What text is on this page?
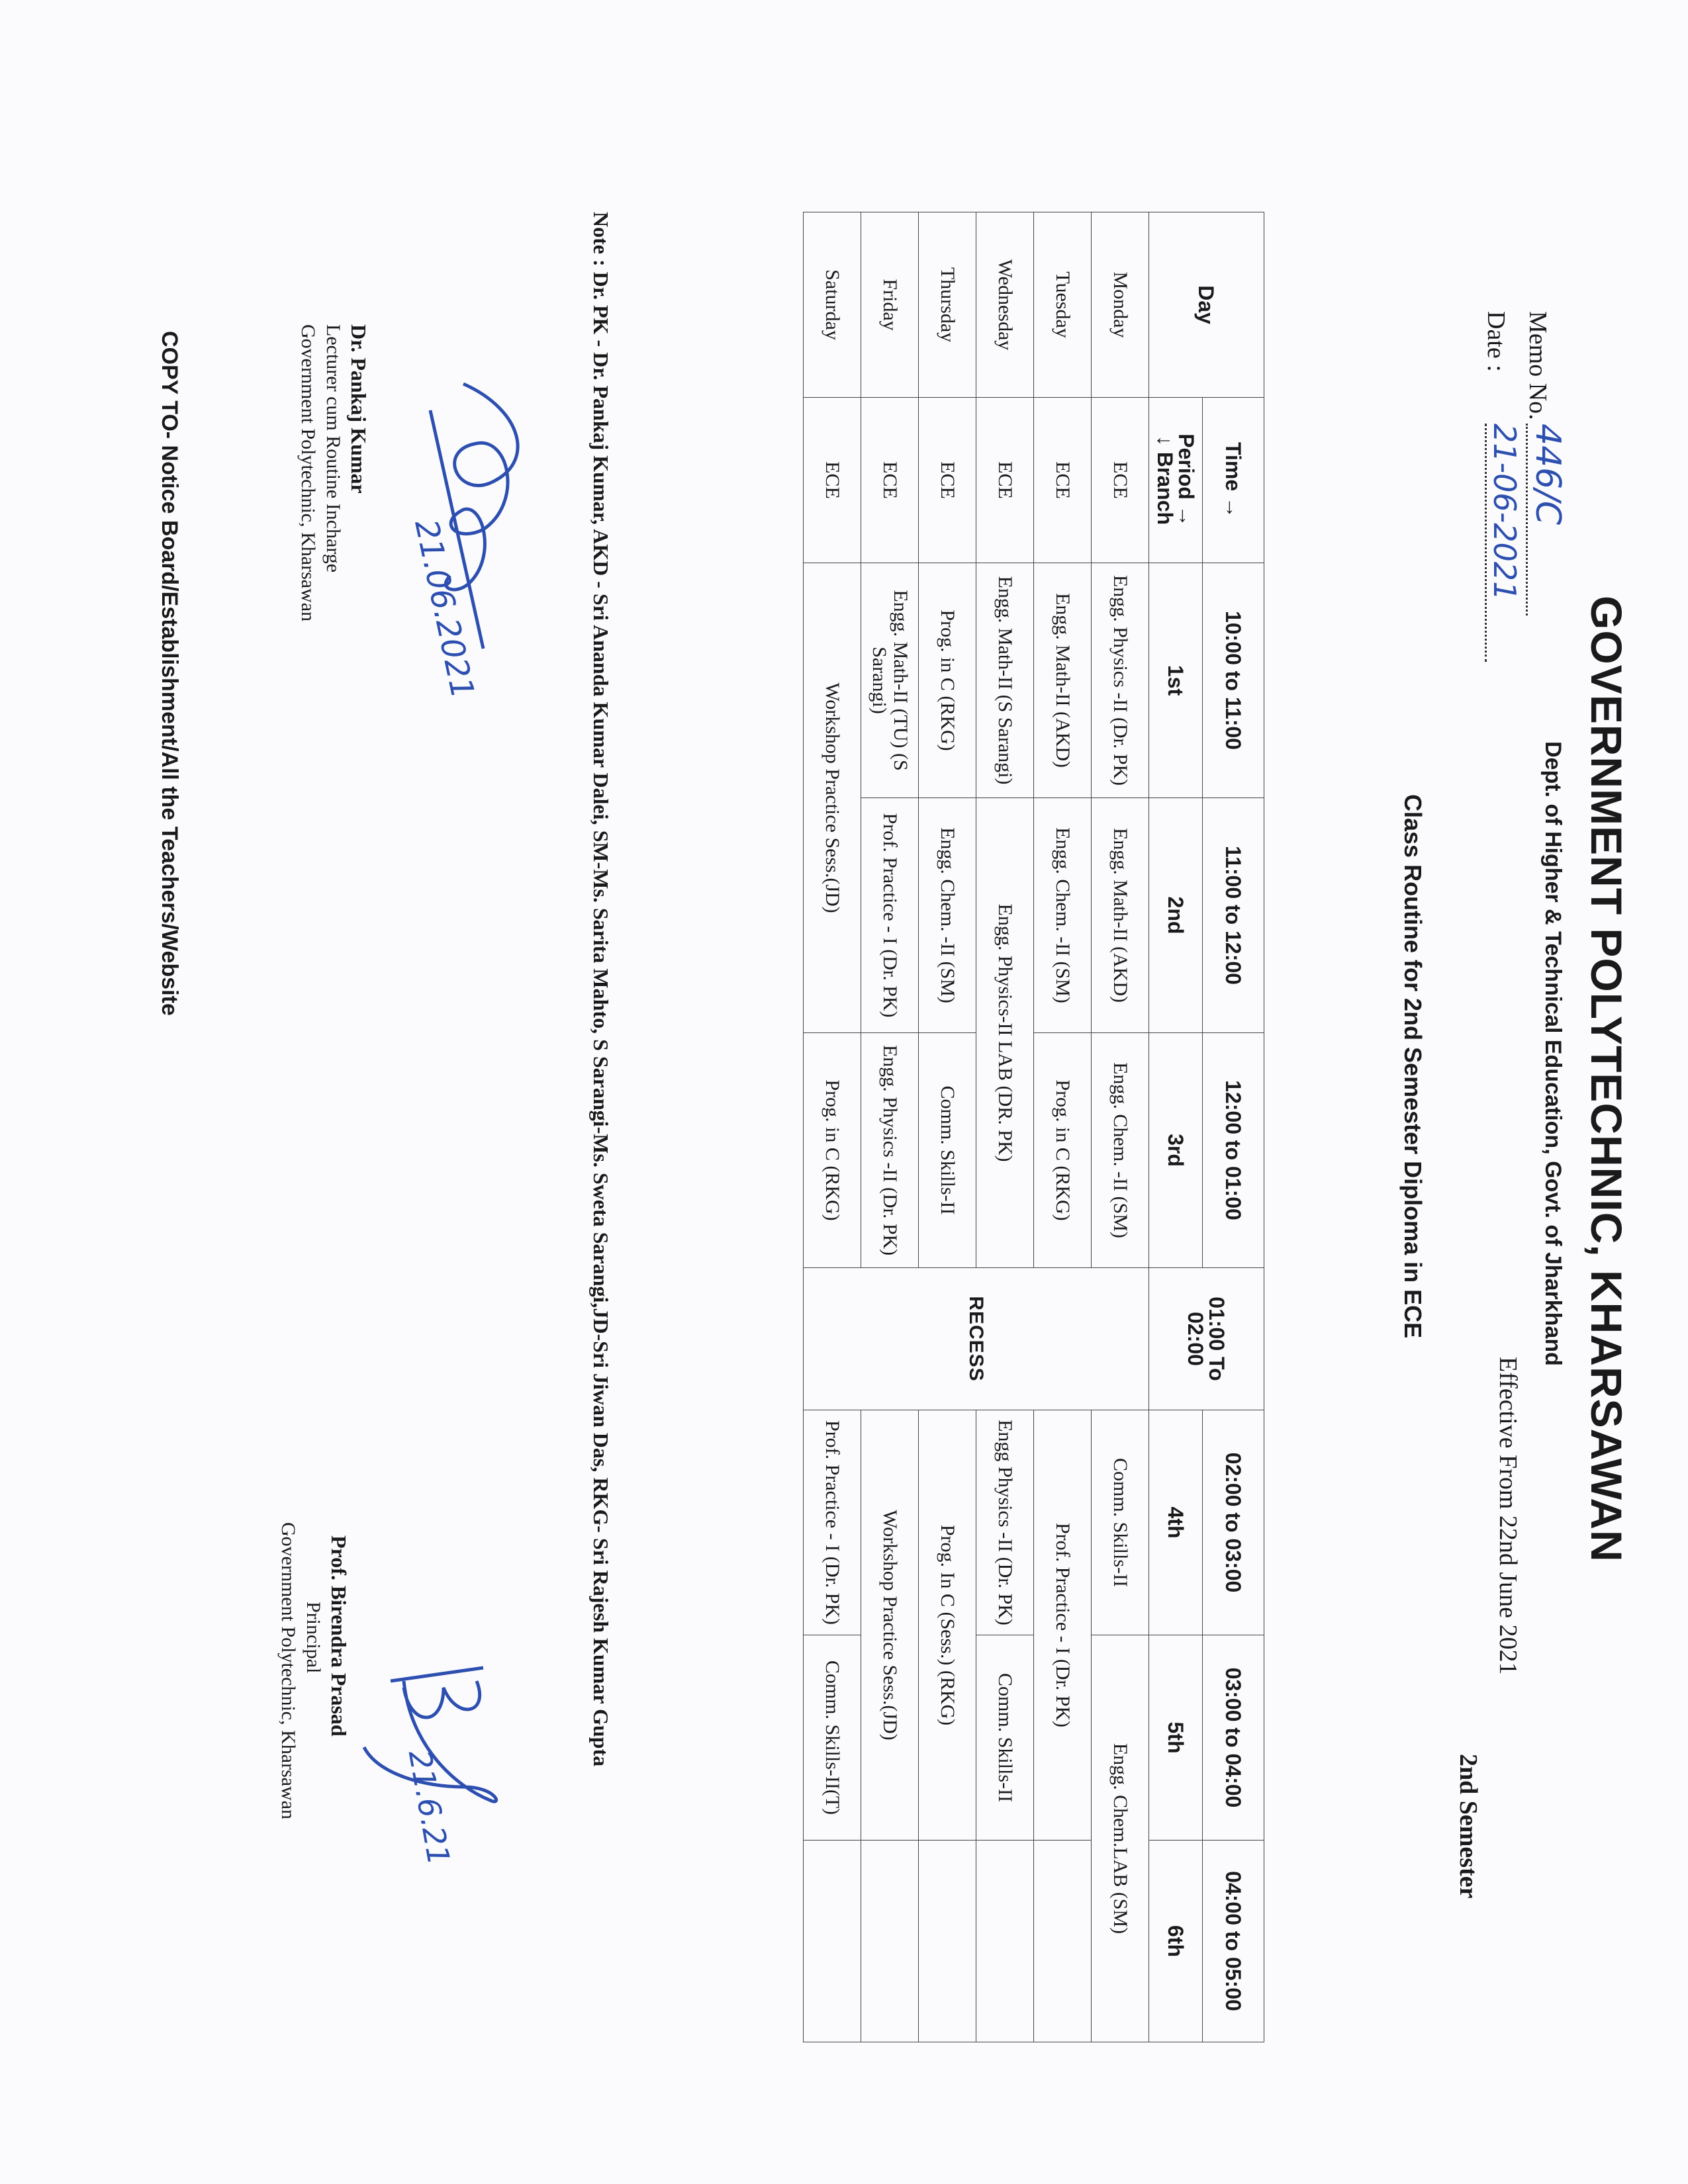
GOVERNMENT POLYTECHNIC, KHARSAWAN
Dept. of Higher & Technical Education, Govt. of Jharkhand
Memo No.
446/C
Date :
21-06-2021
Effective From 22nd June 2021
2nd Semester
Class Routine for 2nd Semester Diploma in ECE
Day	Time →	10:00 to 11:00	11:00 to 12:00	12:00 to 01:00	01:00 To 02:00	02:00 to 03:00	03:00 to 04:00	04:00 to 05:00
	Period →
↓ Branch	1st	2nd	3rd		4th	5th	6th
Monday	ECE	Engg. Physics -II (Dr. PK)	Engg. Math-II (AKD)	Engg. Chem. -II (SM)	RECESS	Comm. Skills-II	Engg. Chem.LAB (SM)	
Tuesday	ECE	Engg. Math-II (AKD)	Engg. Chem. -II (SM)	Prog. in C (RKG)		Prof. Practice - I (Dr. PK)		
Wednesday	ECE	Engg. Math-II (S Sarangi)	Engg. Physics-II LAB (DR. PK)			Engg Physics -II (Dr. PK)	Comm. Skills-II	
Thursday	ECE	Prog. in C (RKG)	Engg. Chem. -II (SM)	Comm. Skills-II		Prog. In C (Sess.) (RKG)		
Friday	ECE	Engg. Math-II (TU) (S Sarangi)	Prof. Practice - I (Dr. PK)	Engg. Physics -II (Dr. PK)		Workshop Practice Sess.(JD)		
Saturday	ECE	Workshop Practice Sess.(JD)		Prog. in C (RKG)		Prof. Practice - I (Dr. PK)	Comm. Skills-II(T)	
Note : Dr. PK - Dr. Pankaj Kumar, AKD - Sri Ananda Kumar Dalei, SM-Ms. Sarita Mahto, S Sarangi-Ms. Sweta Sarangi,JD-Sri Jiwan Das, RKG- Sri Rajesh Kumar Gupta
21.06.2021
Dr. Pankaj Kumar
Lecturer cum Routine Incharge
Government Polytechnic, Kharsawan
21.6.21
Prof. Birendra Prasad
Principal
Government Polytechnic, Kharsawan
COPY TO- Notice Board/Establishment/All the Teachers/Website
